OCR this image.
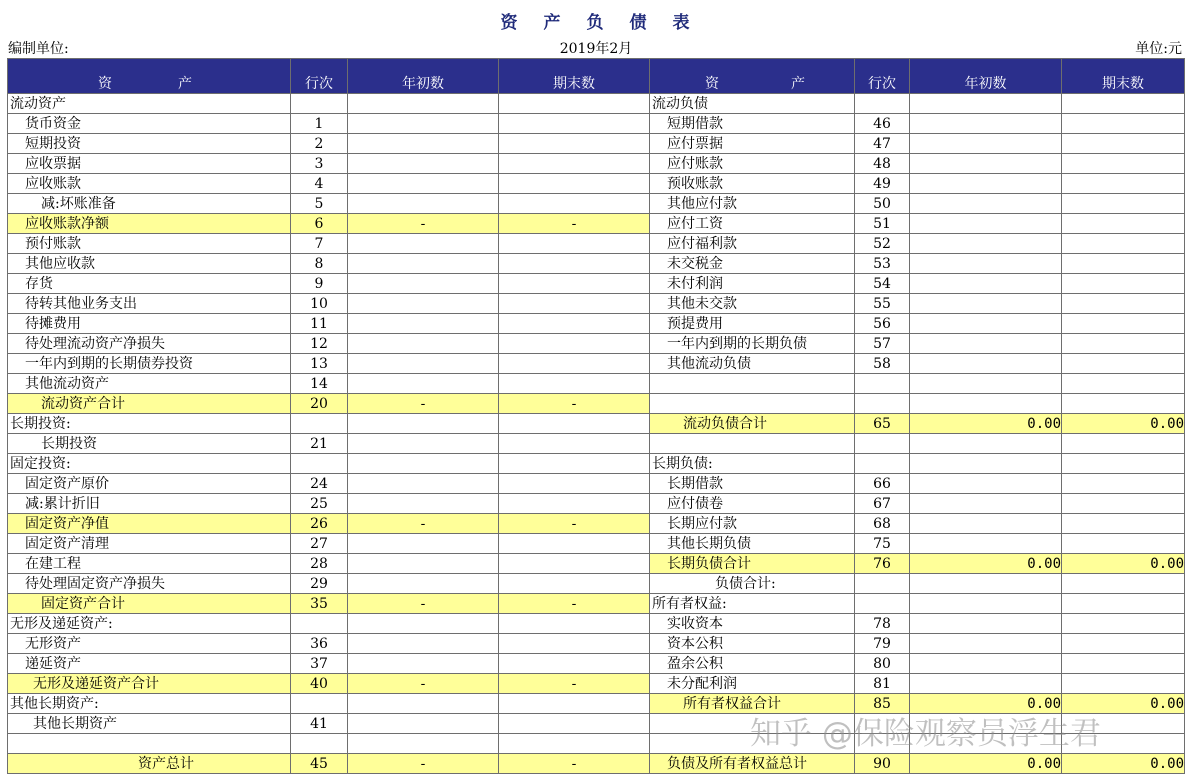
资 产 负 债 表
编制单位:	2019年2月	单位:元
资 产	行次	年初数	期末数	资 产	行次	年初数	期末数
流动资产				流动负债			
货币资金	1			短期借款	46		
短期投资	2			应付票据	47		
应收票据	3			应付账款	48		
应收账款	4			预收账款	49		
减:坏账准备	5			其他应付款	50		
应收账款净额	6	-	-	应付工资	51		
预付账款	7			应付福利款	52		
其他应收款	8			未交税金	53		
存货	9			未付利润	54		
待转其他业务支出	10			其他未交款	55		
待摊费用	11			预提费用	56		
待处理流动资产净损失	12			一年内到期的长期负债	57		
一年内到期的长期债券投资	13			其他流动负债	58		
其他流动资产	14						
流动资产合计	20	-	-				
长期投资:				流动负债合计	65	0.00	0.00
长期投资	21						
固定投资:				长期负债:			
固定资产原价	24			长期借款	66		
减:累计折旧	25			应付债卷	67		
固定资产净值	26	-	-	长期应付款	68		
固定资产清理	27			其他长期负债	75		
在建工程	28			长期负债合计	76	0.00	0.00
待处理固定资产净损失	29			负债合计:			
固定资产合计	35	-	-	所有者权益:			
无形及递延资产:				实收资本	78		
无形资产	36			资本公积	79		
递延资产	37			盈余公积	80		
无形及递延资产合计	40	-	-	未分配利润	81		
其他长期资产:				所有者权益合计	85	0.00	0.00
其他长期资产	41						

资产总计	45	-	-	负债及所有者权益总计	90	0.00	0.00
知乎 @保险观察员浮生君
